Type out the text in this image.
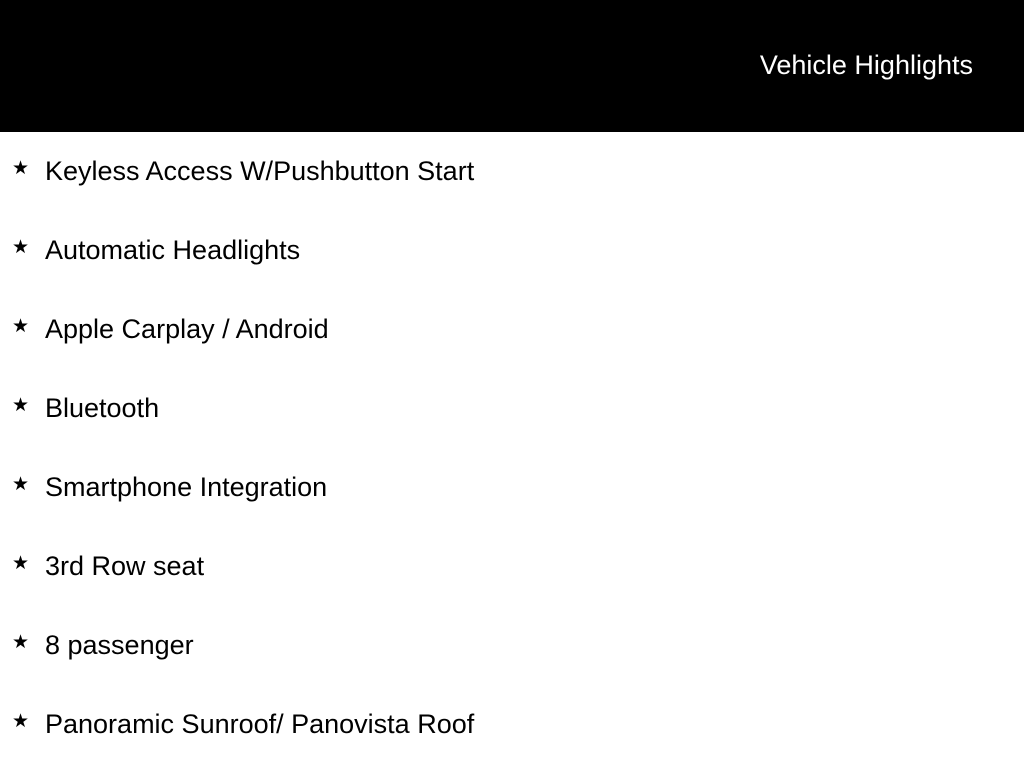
Vehicle Highlights
★ Keyless Access W/Pushbutton Start
★ Automatic Headlights
★ Apple Carplay / Android
★ Bluetooth
★ Smartphone Integration
★ 3rd Row seat
★ 8 passenger
★ Panoramic Sunroof/ Panovista Roof
